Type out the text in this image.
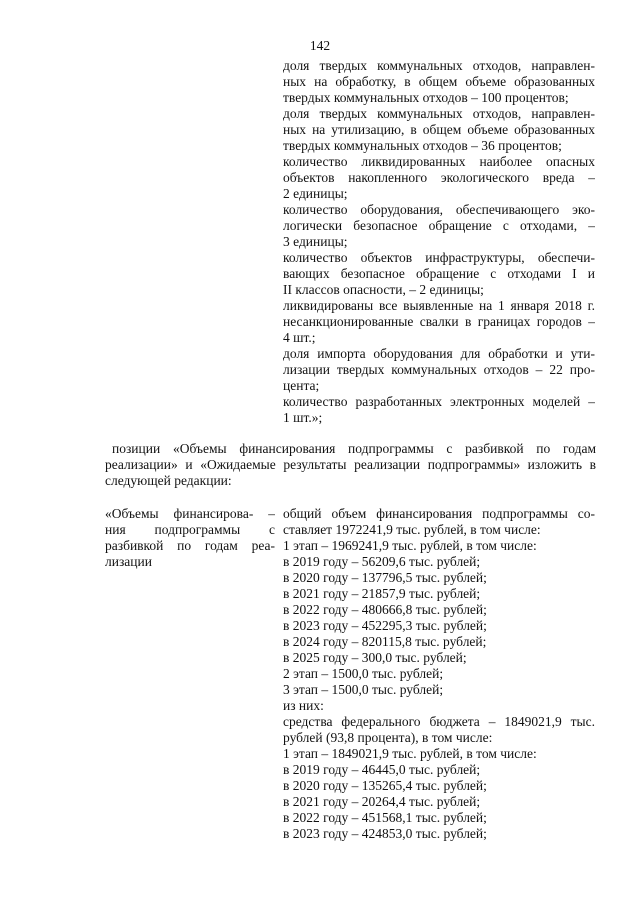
142
доля твердых коммунальных отходов, направлен-
ных на обработку, в общем объеме образованных
твердых коммунальных отходов – 100 процентов;
доля твердых коммунальных отходов, направлен-
ных на утилизацию, в общем объеме образованных
твердых коммунальных отходов – 36 процентов;
количество ликвидированных наиболее опасных
объектов накопленного экологического вреда –
2 единицы;
количество оборудования, обеспечивающего эко-
логически безопасное обращение с отходами, –
3 единицы;
количество объектов инфраструктуры, обеспечи-
вающих безопасное обращение с отходами I и
II классов опасности, – 2 единицы;
ликвидированы все выявленные на 1 января 2018 г.
несанкционированные свалки в границах городов –
4 шт.;
доля импорта оборудования для обработки и ути-
лизации твердых коммунальных отходов – 22 про-
цента;
количество разработанных электронных моделей –
1 шт.»;
позиции «Объемы финансирования подпрограммы с разбивкой по годам
реализации» и «Ожидаемые результаты реализации подпрограммы» изложить в
следующей редакции:
«Объемы финансирова- –
ния подпрограммы с
разбивкой по годам реа-
лизации
общий объем финансирования подпрограммы со-
ставляет 1972241,9 тыс. рублей, в том числе:
1 этап – 1969241,9 тыс. рублей, в том числе:
в 2019 году – 56209,6 тыс. рублей;
в 2020 году – 137796,5 тыс. рублей;
в 2021 году – 21857,9 тыс. рублей;
в 2022 году – 480666,8 тыс. рублей;
в 2023 году – 452295,3 тыс. рублей;
в 2024 году – 820115,8 тыс. рублей;
в 2025 году – 300,0 тыс. рублей;
2 этап – 1500,0 тыс. рублей;
3 этап – 1500,0 тыс. рублей;
из них:
средства федерального бюджета – 1849021,9 тыс.
рублей (93,8 процента), в том числе:
1 этап – 1849021,9 тыс. рублей, в том числе:
в 2019 году – 46445,0 тыс. рублей;
в 2020 году – 135265,4 тыс. рублей;
в 2021 году – 20264,4 тыс. рублей;
в 2022 году – 451568,1 тыс. рублей;
в 2023 году – 424853,0 тыс. рублей;
